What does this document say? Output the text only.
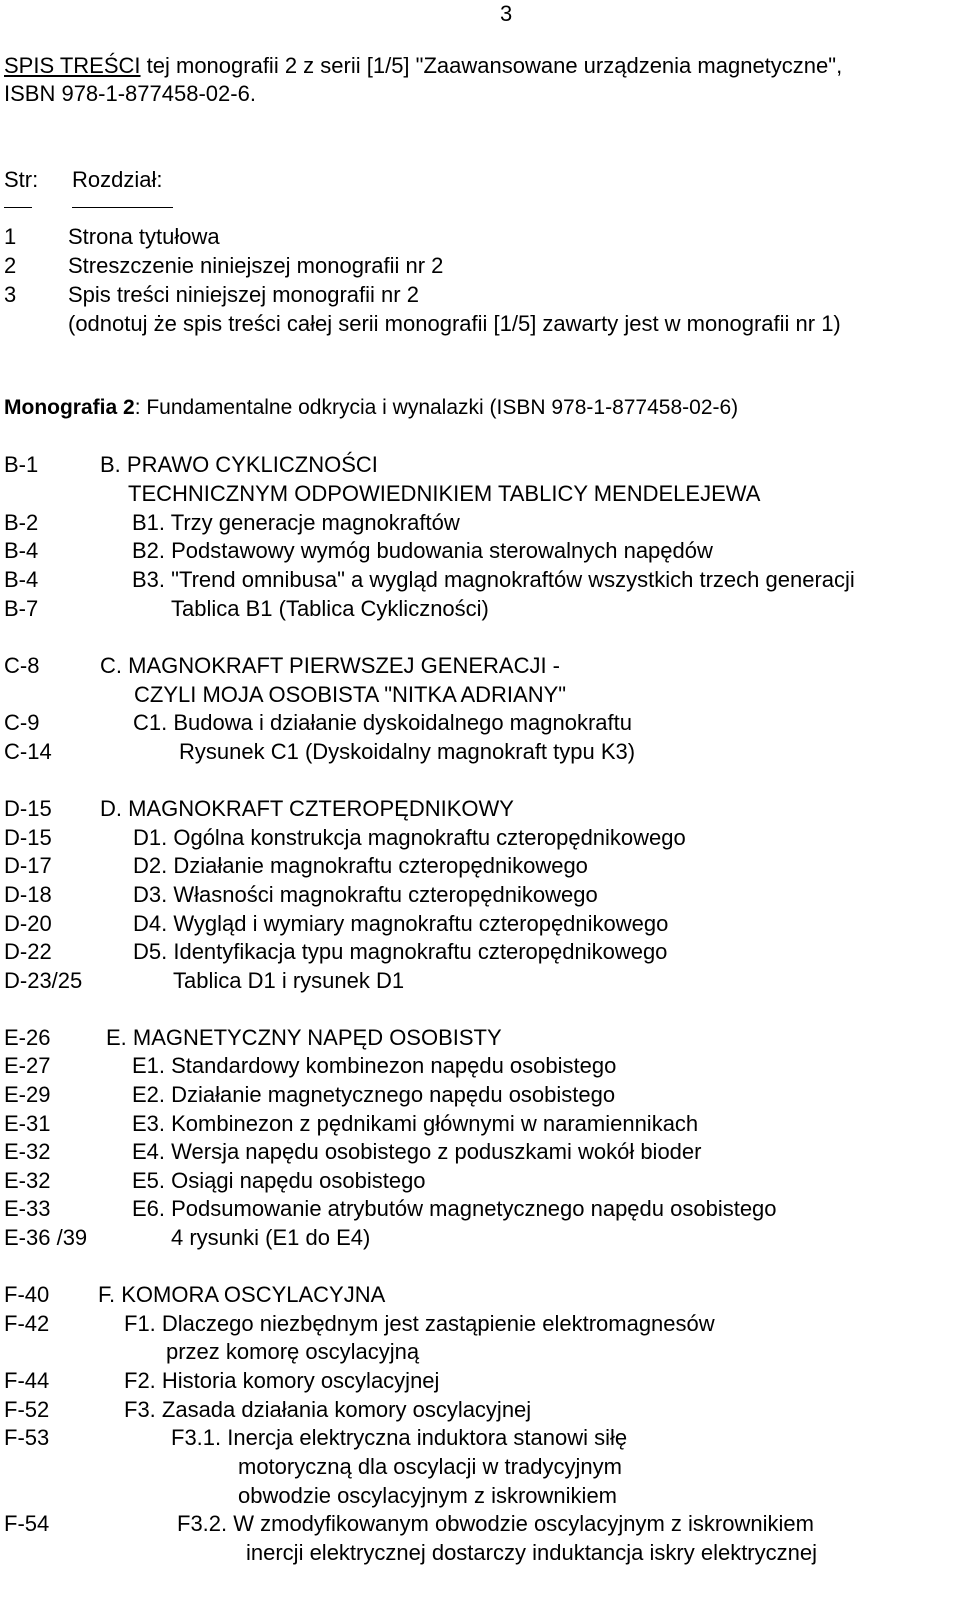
3
SPIS TREŚCI tej monografii 2 z serii [1/5] "Zaawansowane urządzenia magnetyczne",
ISBN 978-1-877458-02-6.
Str: Rozdział:
1 Strona tytułowa
2 Streszczenie niniejszej monografii nr 2
3 Spis treści niniejszej monografii nr 2
(odnotuj że spis treści całej serii monografii [1/5] zawarty jest w monografii nr 1)
Monografia 2: Fundamentalne odkrycia i wynalazki (ISBN 978-1-877458-02-6)
B-1	B. PRAWO CYKLICZNOŚCI
TECHNICZNYM ODPOWIEDNIKIEM TABLICY MENDELEJEWA
B-2	B1. Trzy generacje magnokraftów
B-4	B2. Podstawowy wymóg budowania sterowalnych napędów
B-4	B3. "Trend omnibusa" a wygląd magnokraftów wszystkich trzech generacji
B-7	Tablica B1 (Tablica Cykliczności)
C-8	C. MAGNOKRAFT PIERWSZEJ GENERACJI -
CZYLI MOJA OSOBISTA "NITKA ADRIANY"
C-9	C1. Budowa i działanie dyskoidalnego magnokraftu
C-14	Rysunek C1 (Dyskoidalny magnokraft typu K3)
D-15 D. MAGNOKRAFT CZTEROPĘDNIKOWY
D-15	D1. Ogólna konstrukcja magnokraftu czteropędnikowego
D-17	D2. Działanie magnokraftu czteropędnikowego
D-18	D3. Własności magnokraftu czteropędnikowego
D-20	D4. Wygląd i wymiary magnokraftu czteropędnikowego
D-22	D5. Identyfikacja typu magnokraftu czteropędnikowego
D-23/25	Tablica D1 i rysunek D1
E-26	E. MAGNETYCZNY NAPĘD OSOBISTY
E-27	E1. Standardowy kombinezon napędu osobistego
E-29	E2. Działanie magnetycznego napędu osobistego
E-31	E3. Kombinezon z pędnikami głównymi w naramiennikach
E-32	E4. Wersja napędu osobistego z poduszkami wokół bioder
E-32	E5. Osiągi napędu osobistego
E-33	E6. Podsumowanie atrybutów magnetycznego napędu osobistego
E-36 /39	4 rysunki (E1 do E4)
F-40 F. KOMORA OSCYLACYJNA
F-42	F1. Dlaczego niezbędnym jest zastąpienie elektromagnesów
przez komorę oscylacyjną
F-44	F2. Historia komory oscylacyjnej
F-52	F3. Zasada działania komory oscylacyjnej
F-53	F3.1. Inercja elektryczna induktora stanowi siłę
motoryczną dla oscylacji w tradycyjnym
obwodzie oscylacyjnym z iskrownikiem
F-54	F3.2. W zmodyfikowanym obwodzie oscylacyjnym z iskrownikiem
inercji elektrycznej dostarczy induktancja iskry elektrycznej
